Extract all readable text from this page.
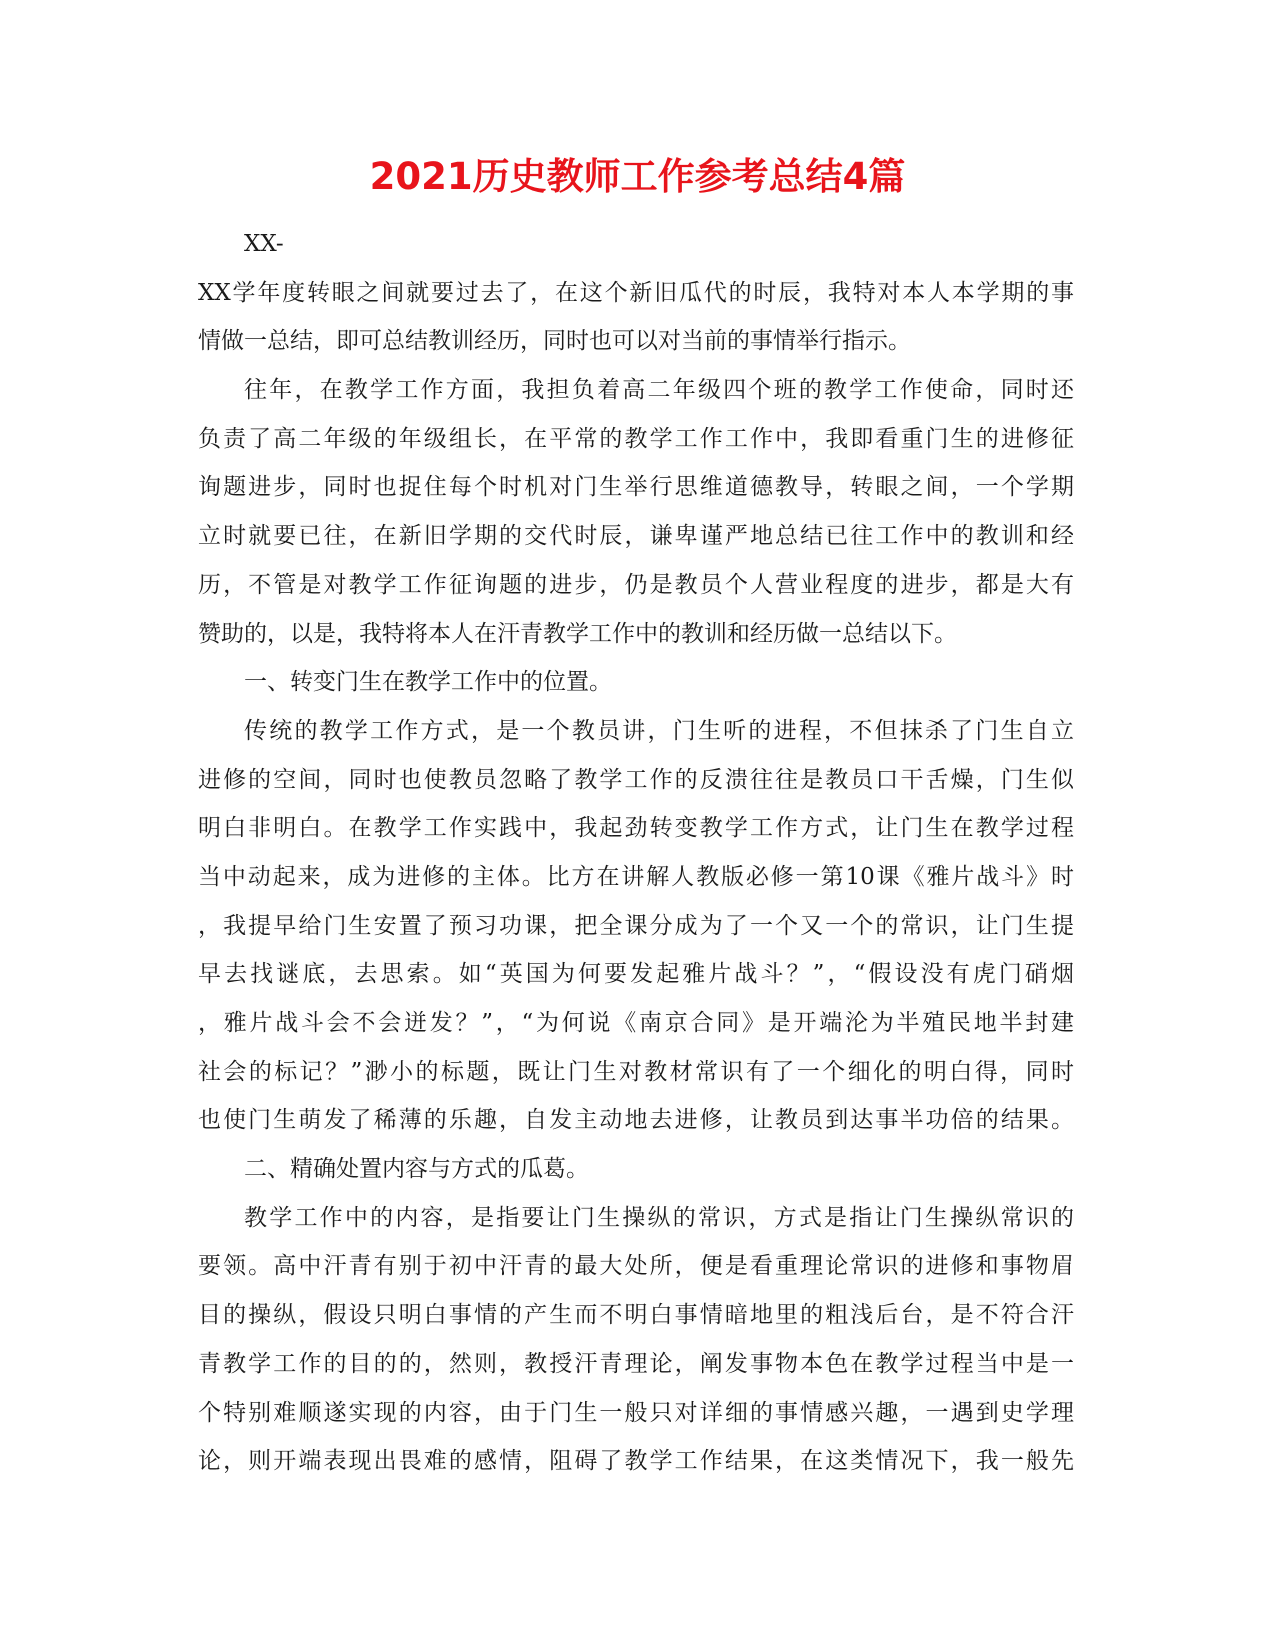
2021历史教师工作参考总结4篇
XX-
XX学年度转眼之间就要过去了，在这个新旧瓜代的时辰，我特对本人本学期的事
情做一总结，即可总结教训经历，同时也可以对当前的事情举行指示。
往年，在教学工作方面，我担负着高二年级四个班的教学工作使命，同时还
负责了高二年级的年级组长，在平常的教学工作工作中，我即看重门生的进修征
询题进步，同时也捉住每个时机对门生举行思维道德教导，转眼之间，一个学期
立时就要已往，在新旧学期的交代时辰，谦卑谨严地总结已往工作中的教训和经
历，不管是对教学工作征询题的进步，仍是教员个人营业程度的进步，都是大有
赞助的，以是，我特将本人在汗青教学工作中的教训和经历做一总结以下。
一、转变门生在教学工作中的位置。
传统的教学工作方式，是一个教员讲，门生听的进程，不但抹杀了门生自立
进修的空间，同时也使教员忽略了教学工作的反溃往往是教员口干舌燥，门生似
明白非明白。在教学工作实践中，我起劲转变教学工作方式，让门生在教学过程
当中动起来，成为进修的主体。比方在讲解人教版必修一第10课《雅片战斗》时
，我提早给门生安置了预习功课，把全课分成为了一个又一个的常识，让门生提
早去找谜底，去思索。如“英国为何要发起雅片战斗？”，“假设没有虎门硝烟
，雅片战斗会不会迸发？”，“为何说《南京合同》是开端沦为半殖民地半封建
社会的标记？”渺小的标题，既让门生对教材常识有了一个细化的明白得，同时
也使门生萌发了稀薄的乐趣，自发主动地去进修，让教员到达事半功倍的结果。
二、精确处置内容与方式的瓜葛。
教学工作中的内容，是指要让门生操纵的常识，方式是指让门生操纵常识的
要领。高中汗青有别于初中汗青的最大处所，便是看重理论常识的进修和事物眉
目的操纵，假设只明白事情的产生而不明白事情暗地里的粗浅后台，是不符合汗
青教学工作的目的的，然则，教授汗青理论，阐发事物本色在教学过程当中是一
个特别难顺遂实现的内容，由于门生一般只对详细的事情感兴趣，一遇到史学理
论，则开端表现出畏难的感情，阻碍了教学工作结果，在这类情况下，我一般先
